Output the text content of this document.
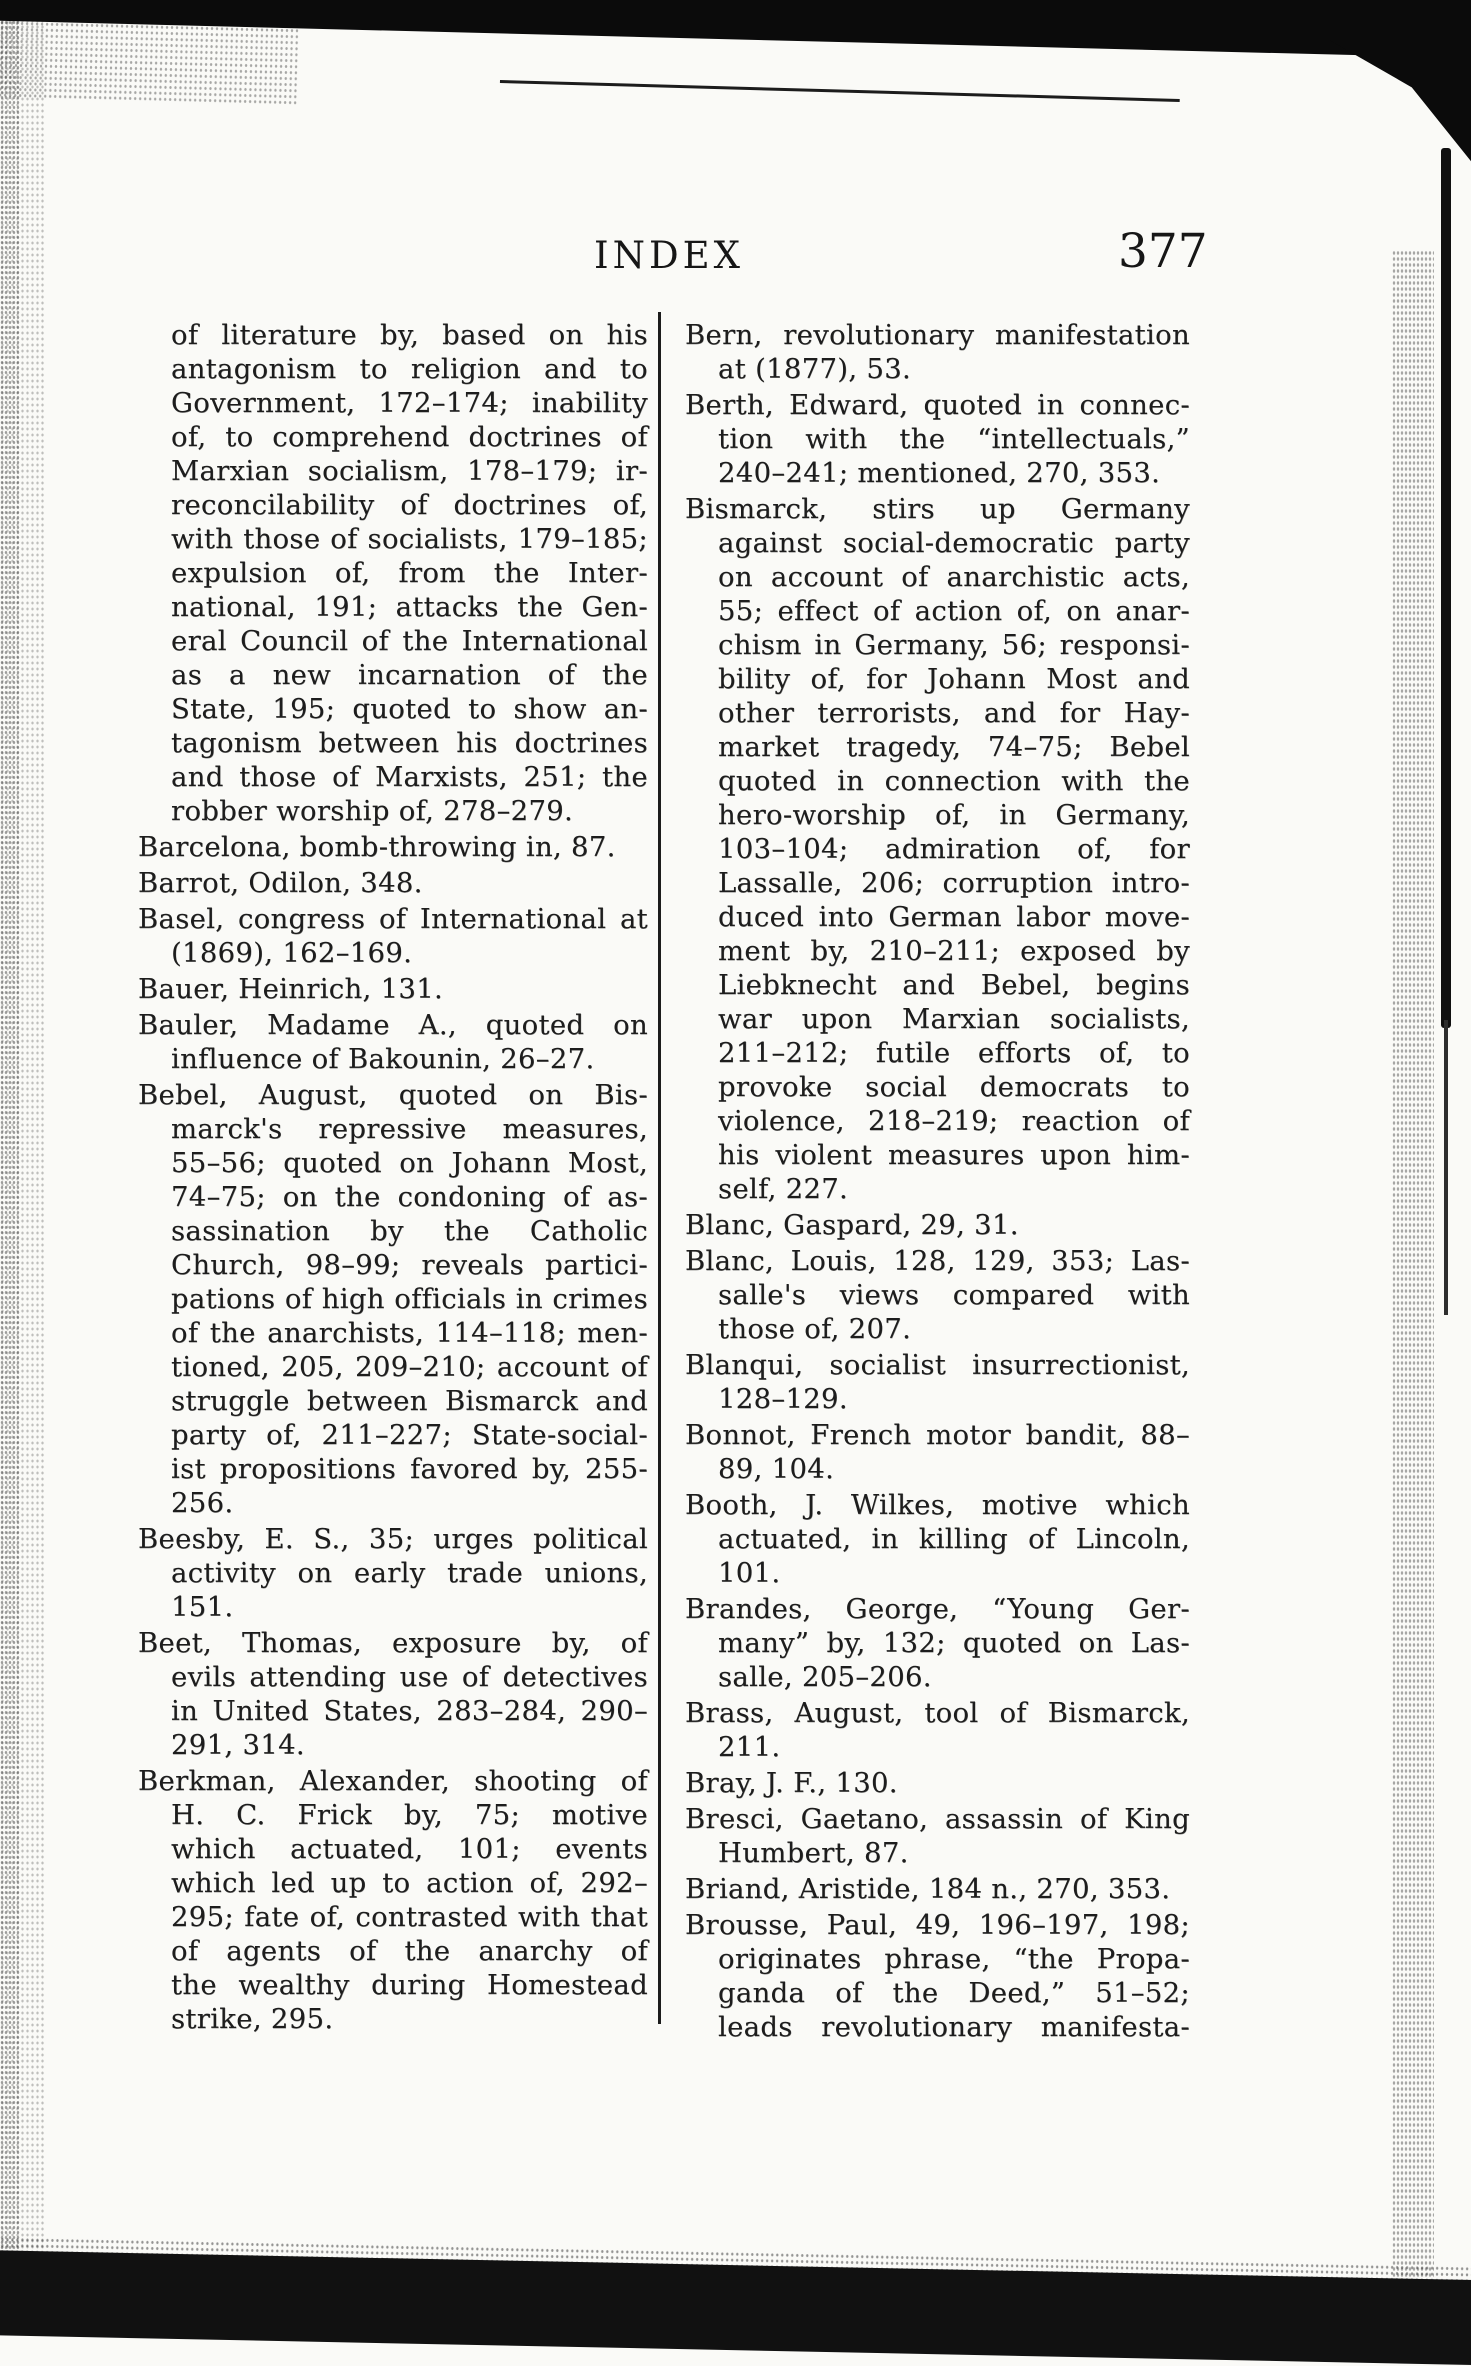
INDEX	377
of literature by, based on his
antagonism to religion and to
Government, 172–174; inability
of, to comprehend doctrines of
Marxian socialism, 178–179; ir-
reconcilability of doctrines of,
with those of socialists, 179–185;
expulsion of, from the Inter-
national, 191; attacks the Gen-
eral Council of the International
as a new incarnation of the
State, 195; quoted to show an-
tagonism between his doctrines
and those of Marxists, 251; the
robber worship of, 278–279.
Barcelona, bomb-throwing in, 87.
Barrot, Odilon, 348.
Basel, congress of International at
(1869), 162–169.
Bauer, Heinrich, 131.
Bauler, Madame A., quoted on
influence of Bakounin, 26–27.
Bebel, August, quoted on Bis-
marck's repressive measures,
55–56; quoted on Johann Most,
74–75; on the condoning of as-
sassination by the Catholic
Church, 98–99; reveals partici-
pations of high officials in crimes
of the anarchists, 114–118; men-
tioned, 205, 209–210; account of
struggle between Bismarck and
party of, 211–227; State-social-
ist propositions favored by, 255-
256.
Beesby, E. S., 35; urges political
activity on early trade unions,
151.
Beet, Thomas, exposure by, of
evils attending use of detectives
in United States, 283–284, 290–
291, 314.
Berkman, Alexander, shooting of
H. C. Frick by, 75; motive
which actuated, 101; events
which led up to action of, 292–
295; fate of, contrasted with that
of agents of the anarchy of
the wealthy during Homestead
strike, 295.
Bern, revolutionary manifestation
at (1877), 53.
Berth, Edward, quoted in connec-
tion with the “intellectuals,”
240–241; mentioned, 270, 353.
Bismarck, stirs up Germany
against social-democratic party
on account of anarchistic acts,
55; effect of action of, on anar-
chism in Germany, 56; responsi-
bility of, for Johann Most and
other terrorists, and for Hay-
market tragedy, 74–75; Bebel
quoted in connection with the
hero-worship of, in Germany,
103–104; admiration of, for
Lassalle, 206; corruption intro-
duced into German labor move-
ment by, 210–211; exposed by
Liebknecht and Bebel, begins
war upon Marxian socialists,
211–212; futile efforts of, to
provoke social democrats to
violence, 218–219; reaction of
his violent measures upon him-
self, 227.
Blanc, Gaspard, 29, 31.
Blanc, Louis, 128, 129, 353; Las-
salle's views compared with
those of, 207.
Blanqui, socialist insurrectionist,
128–129.
Bonnot, French motor bandit, 88–
89, 104.
Booth, J. Wilkes, motive which
actuated, in killing of Lincoln,
101.
Brandes, George, “Young Ger-
many” by, 132; quoted on Las-
salle, 205–206.
Brass, August, tool of Bismarck,
211.
Bray, J. F., 130.
Bresci, Gaetano, assassin of King
Humbert, 87.
Briand, Aristide, 184 n., 270, 353.
Brousse, Paul, 49, 196–197, 198;
originates phrase, “the Propa-
ganda of the Deed,” 51–52;
leads revolutionary manifesta-
